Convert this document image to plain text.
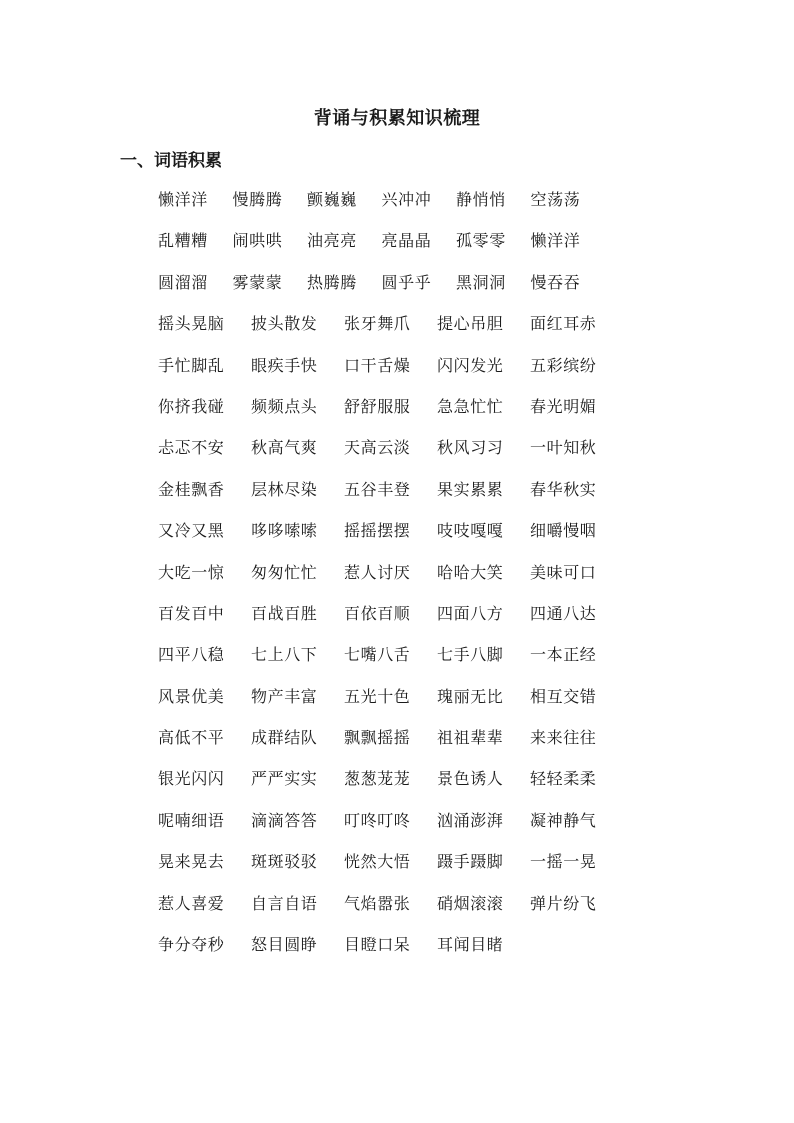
背诵与积累知识梳理
一、词语积累
懒洋洋	慢腾腾	颤巍巍	兴冲冲	静悄悄	空荡荡
乱糟糟	闹哄哄	油亮亮	亮晶晶	孤零零	懒洋洋
圆溜溜	雾蒙蒙	热腾腾	圆乎乎	黑洞洞	慢吞吞
摇头晃脑	披头散发	张牙舞爪	提心吊胆	面红耳赤
手忙脚乱	眼疾手快	口干舌燥	闪闪发光	五彩缤纷
你挤我碰	频频点头	舒舒服服	急急忙忙	春光明媚
忐忑不安	秋高气爽	天高云淡	秋风习习	一叶知秋
金桂飘香	层林尽染	五谷丰登	果实累累	春华秋实
又冷又黑	哆哆嗦嗦	摇摇摆摆	吱吱嘎嘎	细嚼慢咽
大吃一惊	匆匆忙忙	惹人讨厌	哈哈大笑	美味可口
百发百中	百战百胜	百依百顺	四面八方	四通八达
四平八稳	七上八下	七嘴八舌	七手八脚	一本正经
风景优美	物产丰富	五光十色	瑰丽无比	相互交错
高低不平	成群结队	飘飘摇摇	祖祖辈辈	来来往往
银光闪闪	严严实实	葱葱茏茏	景色诱人	轻轻柔柔
呢喃细语	滴滴答答	叮咚叮咚	汹涌澎湃	凝神静气
晃来晃去	斑斑驳驳	恍然大悟	蹑手蹑脚	一摇一晃
惹人喜爱	自言自语	气焰嚣张	硝烟滚滚	弹片纷飞
争分夺秒	怒目圆睁	目瞪口呆	耳闻目睹
